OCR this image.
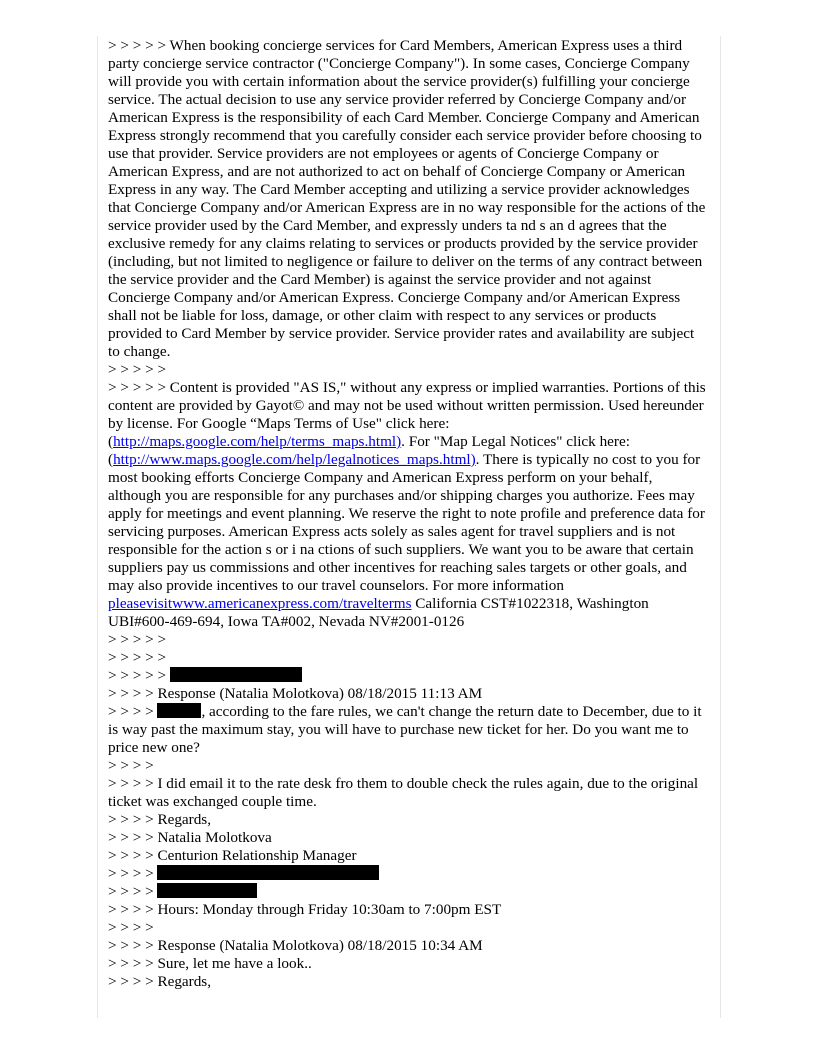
> > > > > When booking concierge services for Card Members, American Express uses a third party concierge service contractor ("Concierge Company"). In some cases, Concierge Company will provide you with certain information about the service provider(s) fulfilling your concierge service. The actual decision to use any service provider referred by Concierge Company and/or American Express is the responsibility of each Card Member. Concierge Company and American Express strongly recommend that you carefully consider each service provider before choosing to use that provider. Service providers are not employees or agents of Concierge Company or American Express, and are not authorized to act on behalf of Concierge Company or American Express in any way. The Card Member accepting and utilizing a service provider acknowledges that Concierge Company and/or American Express are in no way responsible for the actions of the service provider used by the Card Member, and expressly unders ta nd s an d agrees that the exclusive remedy for any claims relating to services or products provided by the service provider (including, but not limited to negligence or failure to deliver on the terms of any contract between the service provider and the Card Member) is against the service provider and not against Concierge Company and/or American Express. Concierge Company and/or American Express shall not be liable for loss, damage, or other claim with respect to any services or products provided to Card Member by service provider. Service provider rates and availability are subject to change.

> > > > >

> > > > > Content is provided "AS IS," without any express or implied warranties. Portions of this content are provided by Gayot© and may not be used without written permission. Used hereunder by license. For Google “Maps Terms of Use" click here: (http://maps.google.com/help/terms_maps.html). For "Map Legal Notices" click here: (http://www.maps.google.com/help/legalnotices_maps.html). There is typically no cost to you for most booking efforts Concierge Company and American Express perform on your behalf, although you are responsible for any purchases and/or shipping charges you authorize. Fees may apply for meetings and event planning. We reserve the right to note profile and preference data for servicing purposes. American Express acts solely as sales agent for travel suppliers and is not responsible for the action s or i na ctions of such suppliers. We want you to be aware that certain suppliers pay us commissions and other incentives for reaching sales targets or other goals, and may also provide incentives to our travel counselors. For more information pleasevisitwww.americanexpress.com/travelterms California CST#1022318, Washington UBI#600-469-694, Iowa TA#002, Nevada NV#2001-0126

> > > > >

> > > > >

> > > > >

> > > > Response (Natalia Molotkova) 08/18/2015 11:13 AM

> > > >	, according to the fare rules, we can't change the return date to December, due to it is way past the maximum stay, you will have to purchase new ticket for her. Do you want me to price new one?

> > > >

> > > > I did email it to the rate desk fro them to double check the rules again, due to the original ticket was exchanged couple time.

> > > > Regards,

> > > > Natalia Molotkova

> > > > Centurion Relationship Manager

> > > >

> > > >

> > > > Hours: Monday through Friday 10:30am to 7:00pm EST

> > > >

> > > > Response (Natalia Molotkova) 08/18/2015 10:34 AM

> > > > Sure, let me have a look..

> > > > Regards,
